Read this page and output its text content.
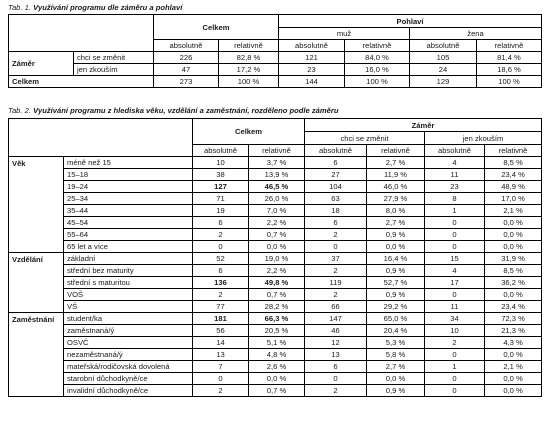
Tab. 1. Využívání programu dle záměru a pohlaví
		Celkem		Pohlaví			
				muž		žena	
		absolutně	relativně	absolutně	relativně	absolutně	relativně
Záměr	chci se změnit	226	82,8 %	121	84,0 %	105	81,4 %
	jen zkouším	47	17,2 %	23	16,0 %	24	18,6 %
Celkem		273	100 %	144	100 %	129	100 %
Tab. 2. Využívání programu z hlediska věku, vzdělání a zaměstnání, rozděleno podle záměru
		Celkem		Záměr			
				chci se změnit		jen zkouším	
		absolutně	relativně	absolutně	relativně	absolutně	relativně
Věk	méně než 15	10	3,7 %	6	2,7 %	4	8,5 %
	15–18	38	13,9 %	27	11,9 %	11	23,4 %
	19–24	127	46,5 %	104	46,0 %	23	48,9 %
	25–34	71	26,0 %	63	27,9 %	8	17,0 %
	35–44	19	7,0 %	18	8,0 %	1	2,1 %
	45–54	6	2,2 %	6	2,7 %	0	0,0 %
	55–64	2	0,7 %	2	0,9 %	0	0,0 %
	65 let a více	0	0,0 %	0	0,0 %	0	0,0 %
Vzdělání	základní	52	19,0 %	37	16,4 %	15	31,9 %
	střední bez maturity	6	2,2 %	2	0,9 %	4	8,5 %
	střední s maturitou	136	49,8 %	119	52,7 %	17	36,2 %
	VOŠ	2	0,7 %	2	0,9 %	0	0,0 %
	VŠ	77	28,2 %	66	29,2 %	11	23,4 %
Zaměstnání	student/ka	181	66,3 %	147	65,0 %	34	72,3 %
	zaměstnaná/ý	56	20,5 %	46	20,4 %	10	21,3 %
	OSVČ	14	5,1 %	12	5,3 %	2	4,3 %
	nezaměstnaná/ý	13	4,8 %	13	5,8 %	0	0,0 %
	mateřská/rodičovská dovolená	7	2,6 %	6	2,7 %	1	2,1 %
	starobní důchodkyně/ce	0	0,0 %	0	0,0 %	0	0,0 %
	invalidní důchodkyně/ce	2	0,7 %	2	0,9 %	0	0,0 %
